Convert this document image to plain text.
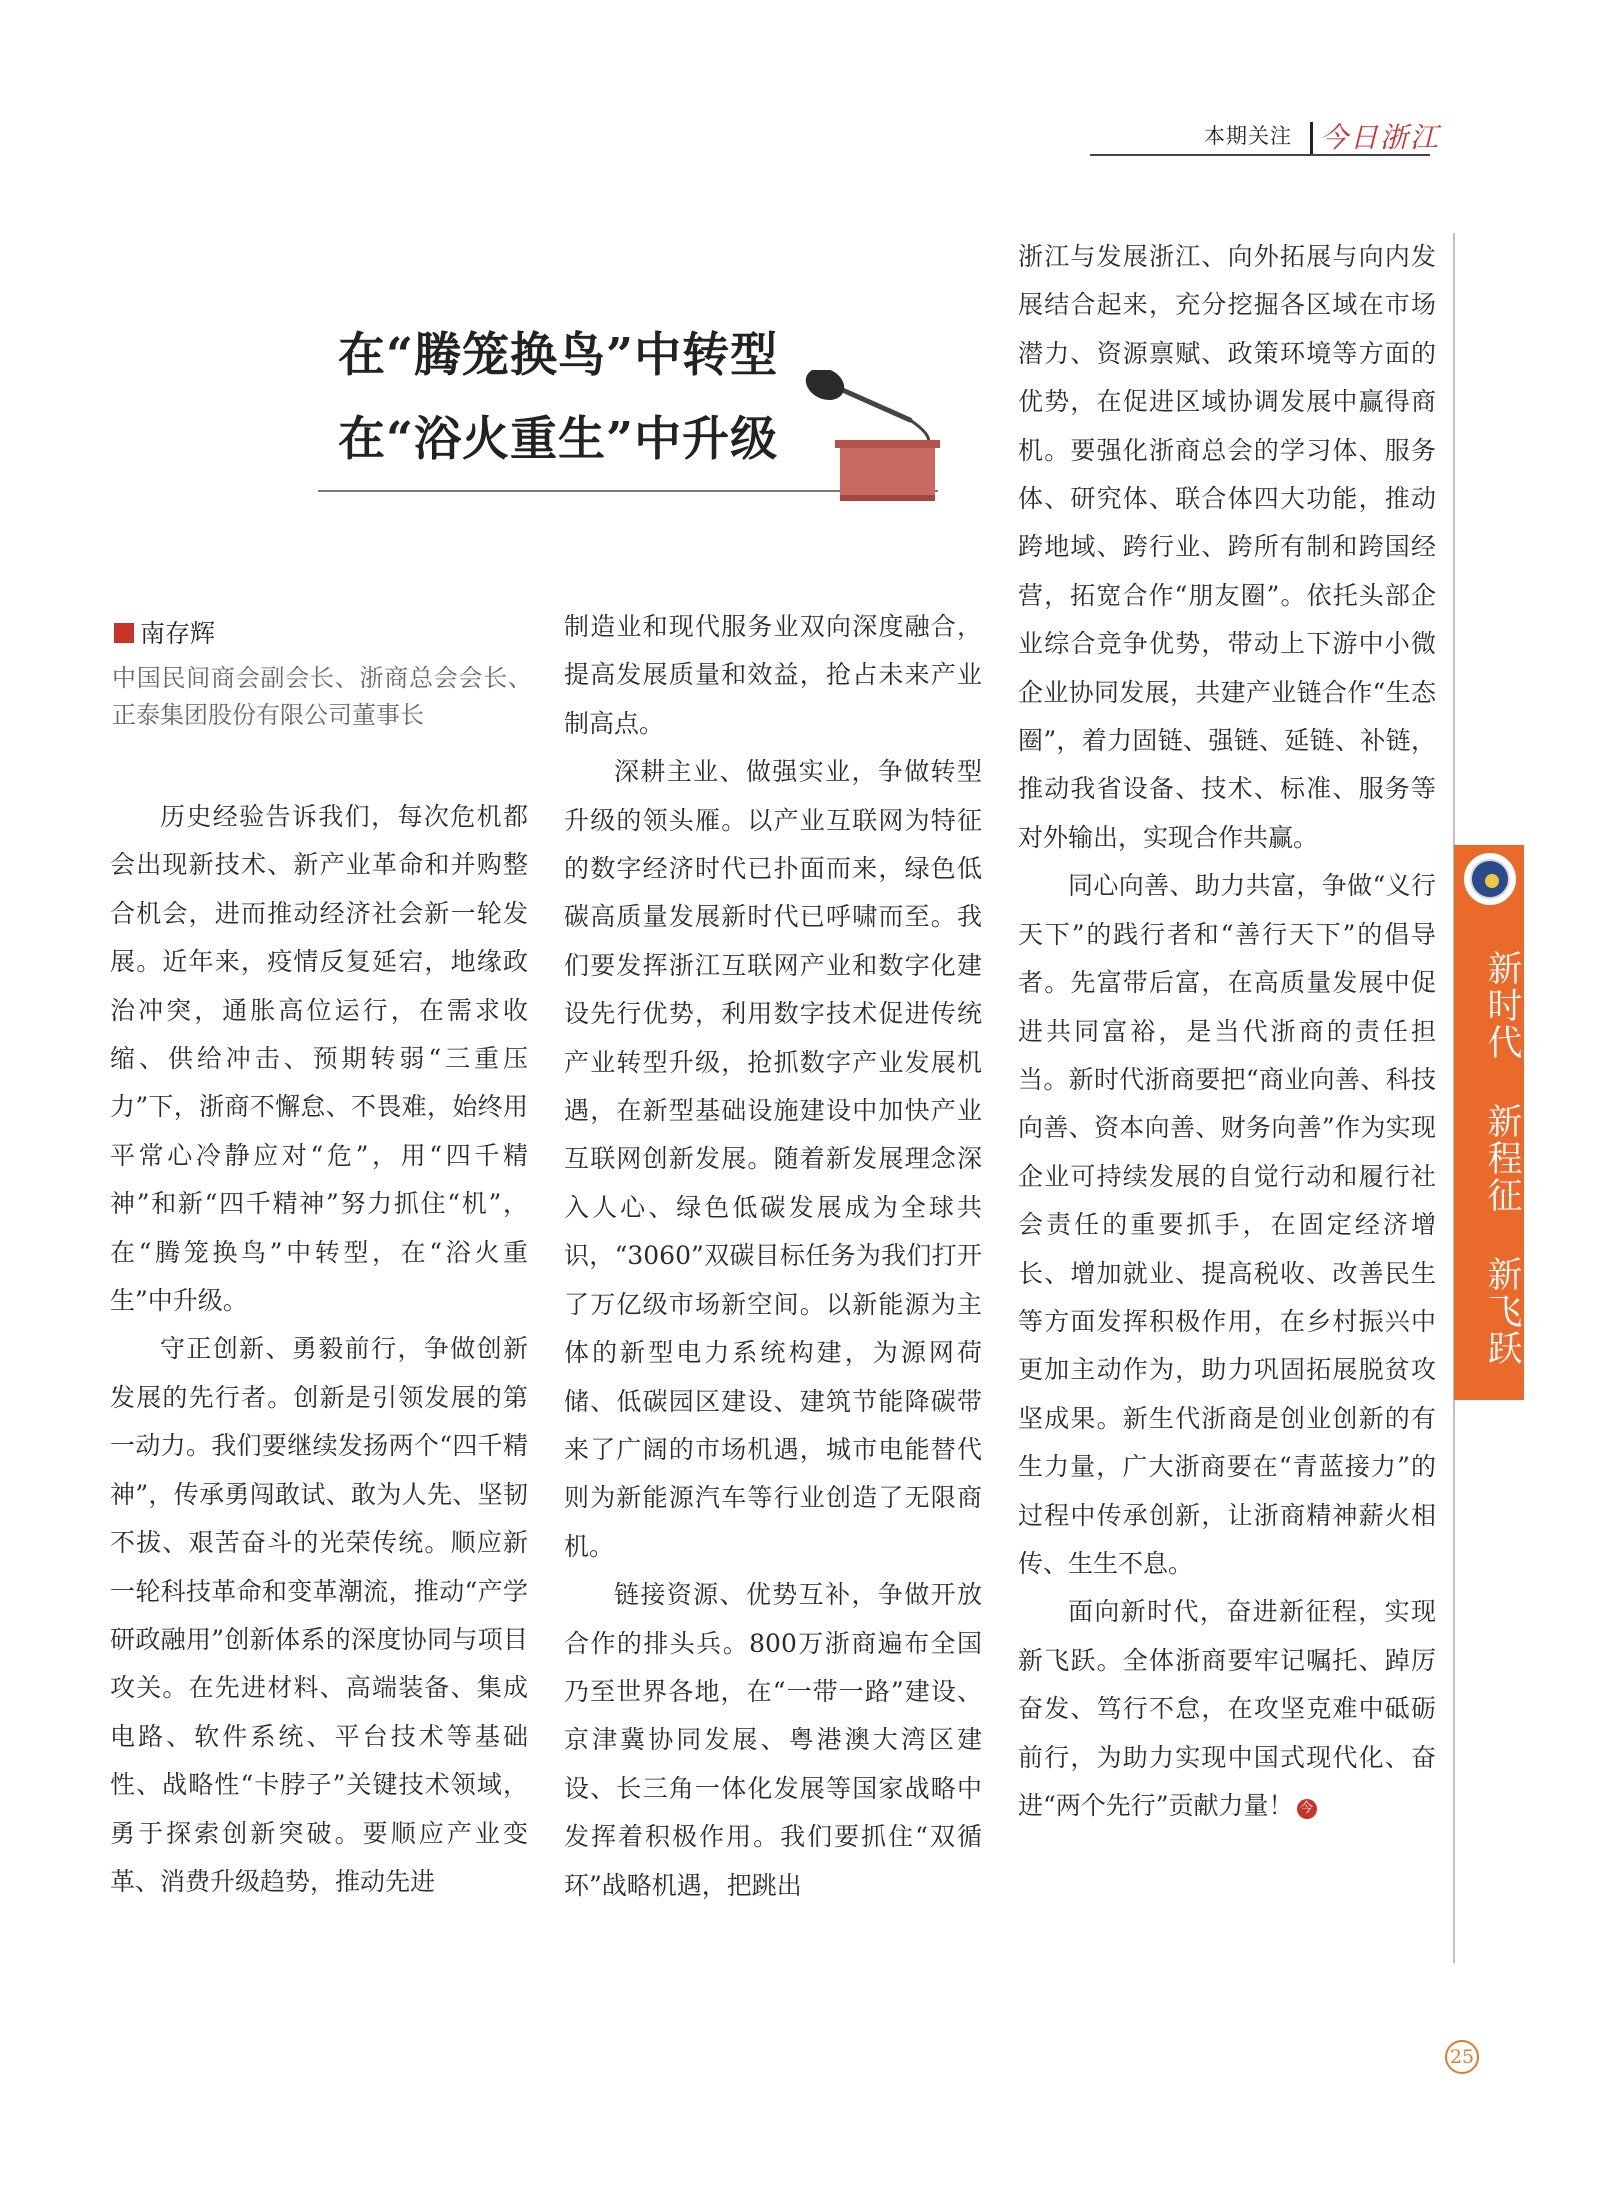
本期关注 今日浙江
在“腾笼换鸟”中转型
在“浴火重生”中升级
南存辉

中国民间商会副会长、浙商总会会长、正泰集团股份有限公司董事长

历史经验告诉我们，每次危机都会出现新技术、新产业革命和并购整合机会，进而推动经济社会新一轮发展。近年来，疫情反复延宕，地缘政治冲突，通胀高位运行，在需求收缩、供给冲击、预期转弱“三重压力”下，浙商不懈怠、不畏难，始终用平常心冷静应对“危”，用“四千精神”和新“四千精神”努力抓住“机”，在“腾笼换鸟”中转型，在“浴火重生”中升级。

守正创新、勇毅前行，争做创新发展的先行者。创新是引领发展的第一动力。我们要继续发扬两个“四千精神”，传承勇闯敢试、敢为人先、坚韧不拔、艰苦奋斗的光荣传统。顺应新一轮科技革命和变革潮流，推动“产学研政融用”创新体系的深度协同与项目攻关。在先进材料、高端装备、集成电路、软件系统、平台技术等基础性、战略性“卡脖子”关键技术领域，勇于探索创新突破。要顺应产业变革、消费升级趋势，推动先进

制造业和现代服务业双向深度融合，提高发展质量和效益，抢占未来产业制高点。

深耕主业、做强实业，争做转型升级的领头雁。以产业互联网为特征的数字经济时代已扑面而来，绿色低碳高质量发展新时代已呼啸而至。我们要发挥浙江互联网产业和数字化建设先行优势，利用数字技术促进传统产业转型升级，抢抓数字产业发展机遇，在新型基础设施建设中加快产业互联网创新发展。随着新发展理念深入人心、绿色低碳发展成为全球共识，“3060”双碳目标任务为我们打开了万亿级市场新空间。以新能源为主体的新型电力系统构建，为源网荷储、低碳园区建设、建筑节能降碳带来了广阔的市场机遇，城市电能替代则为新能源汽车等行业创造了无限商机。

链接资源、优势互补，争做开放合作的排头兵。800万浙商遍布全国乃至世界各地，在“一带一路”建设、京津冀协同发展、粤港澳大湾区建设、长三角一体化发展等国家战略中发挥着积极作用。我们要抓住“双循环”战略机遇，把跳出

浙江与发展浙江、向外拓展与向内发展结合起来，充分挖掘各区域在市场潜力、资源禀赋、政策环境等方面的优势，在促进区域协调发展中赢得商机。要强化浙商总会的学习体、服务体、研究体、联合体四大功能，推动跨地域、跨行业、跨所有制和跨国经营，拓宽合作“朋友圈”。依托头部企业综合竞争优势，带动上下游中小微企业协同发展，共建产业链合作“生态圈”，着力固链、强链、延链、补链，推动我省设备、技术、标准、服务等对外输出，实现合作共赢。

同心向善、助力共富，争做“义行天下”的践行者和“善行天下”的倡导者。先富带后富，在高质量发展中促进共同富裕，是当代浙商的责任担当。新时代浙商要把“商业向善、科技向善、资本向善、财务向善”作为实现企业可持续发展的自觉行动和履行社会责任的重要抓手，在固定经济增长、增加就业、提高税收、改善民生等方面发挥积极作用，在乡村振兴中更加主动作为，助力巩固拓展脱贫攻坚成果。新生代浙商是创业创新的有生力量，广大浙商要在“青蓝接力”的过程中传承创新，让浙商精神薪火相传、生生不息。

面向新时代，奋进新征程，实现新飞跃。全体浙商要牢记嘱托、踔厉奋发、笃行不怠，在攻坚克难中砥砺前行，为助力实现中国式现代化、奋进“两个先行”贡献力量！ 今

新时代 新程征 新飞跃
25
